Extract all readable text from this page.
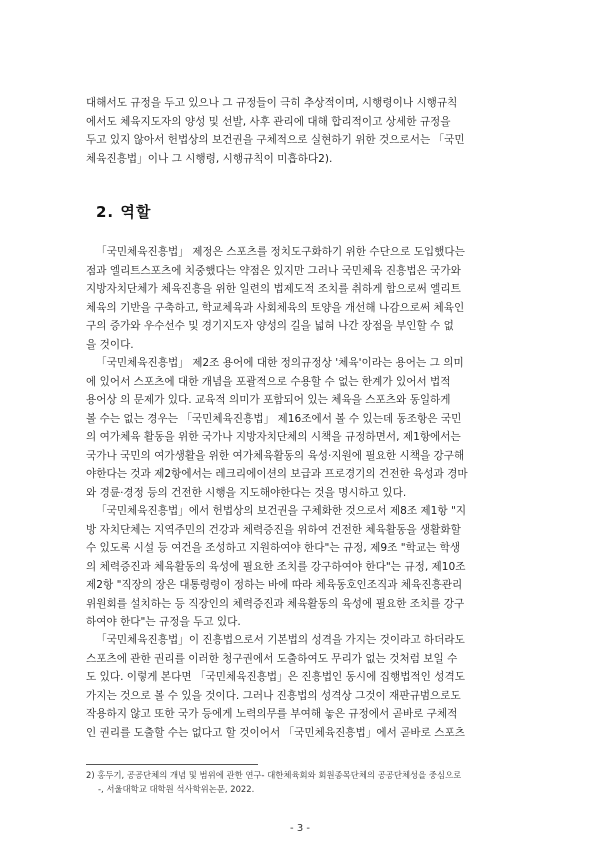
대해서도 규정을 두고 있으나 그 규정들이 극히 추상적이며, 시행령이나 시행규칙
에서도 체육지도자의 양성 및 선발, 사후 관리에 대해 합리적이고 상세한 규정을
두고 있지 않아서 헌법상의 보건권을 구체적으로 실현하기 위한 것으로서는 「국민
체육진흥법」이나 그 시행령, 시행규칙이 미흡하다2).

2. 역할

「국민체육진흥법」 제정은 스포츠를 정치도구화하기 위한 수단으로 도입했다는
점과 엘리트스포츠에 치중했다는 약점은 있지만 그러나 국민체육 진흥법은 국가와
지방자치단체가 체육진흥을 위한 일련의 법제도적 조치를 취하게 함으로써 엘리트
체육의 기반을 구축하고, 학교체육과 사회체육의 토양을 개선해 나감으로써 체육인
구의 증가와 우수선수 및 경기지도자 양성의 길을 넓혀 나간 장점을 부인할 수 없
을 것이다.

「국민체육진흥법」 제2조 용어에 대한 정의규정상 '체육'이라는 용어는 그 의미
에 있어서 스포츠에 대한 개념을 포괄적으로 수용할 수 없는 한계가 있어서 법적
용어상 의 문제가 있다. 교육적 의미가 포함되어 있는 체육을 스포츠와 동일하게
볼 수는 없는 경우는 「국민체육진흥법」 제16조에서 볼 수 있는데 동조항은 국민
의 여가체육 활동을 위한 국가나 지방자치단체의 시책을 규정하면서, 제1항에서는
국가나 국민의 여가생활을 위한 여가체육활동의 육성·지원에 필요한 시책을 강구해
야한다는 것과 제2항에서는 레크리에이션의 보급과 프로경기의 건전한 육성과 경마
와 경륜·경정 등의 건전한 시행을 지도해야한다는 것을 명시하고 있다.

「국민체육진흥법」에서 헌법상의 보건권을 구체화한 것으로서 제8조 제1항 "지
방 자치단체는 지역주민의 건강과 체력증진을 위하여 건전한 체육활동을 생활화할
수 있도록 시설 등 여건을 조성하고 지원하여야 한다"는 규정, 제9조 "학교는 학생
의 체력증진과 체육활동의 육성에 필요한 조치를 강구하여야 한다"는 규정, 제10조
제2항 "직장의 장은 대통령령이 정하는 바에 따라 체육동호인조직과 체육진흥관리
위원회를 설치하는 등 직장인의 체력증진과 체육활동의 육성에 필요한 조치를 강구
하여야 한다"는 규정을 두고 있다.

「국민체육진흥법」이 진흥법으로서 기본법의 성격을 가지는 것이라고 하더라도
스포츠에 관한 권리를 이러한 청구권에서 도출하여도 무리가 없는 것처럼 보일 수
도 있다. 이렇게 본다면 「국민체육진흥법」은 진흥법인 동시에 집행법적인 성격도
가지는 것으로 볼 수 있을 것이다. 그러나 진흥법의 성격상 그것이 재판규범으로도
작용하지 않고 또한 국가 등에게 노력의무를 부여해 놓은 규정에서 곧바로 구체적
인 권리를 도출할 수는 없다고 할 것이어서 「국민체육진흥법」에서 곧바로 스포츠

2) 홍두기, 공공단체의 개념 및 범위에 관한 연구- 대한체육회와 회원종목단체의 공공단체성을 중심으로
-, 서울대학교 대학원 석사학위논문, 2022.
- 3 -
